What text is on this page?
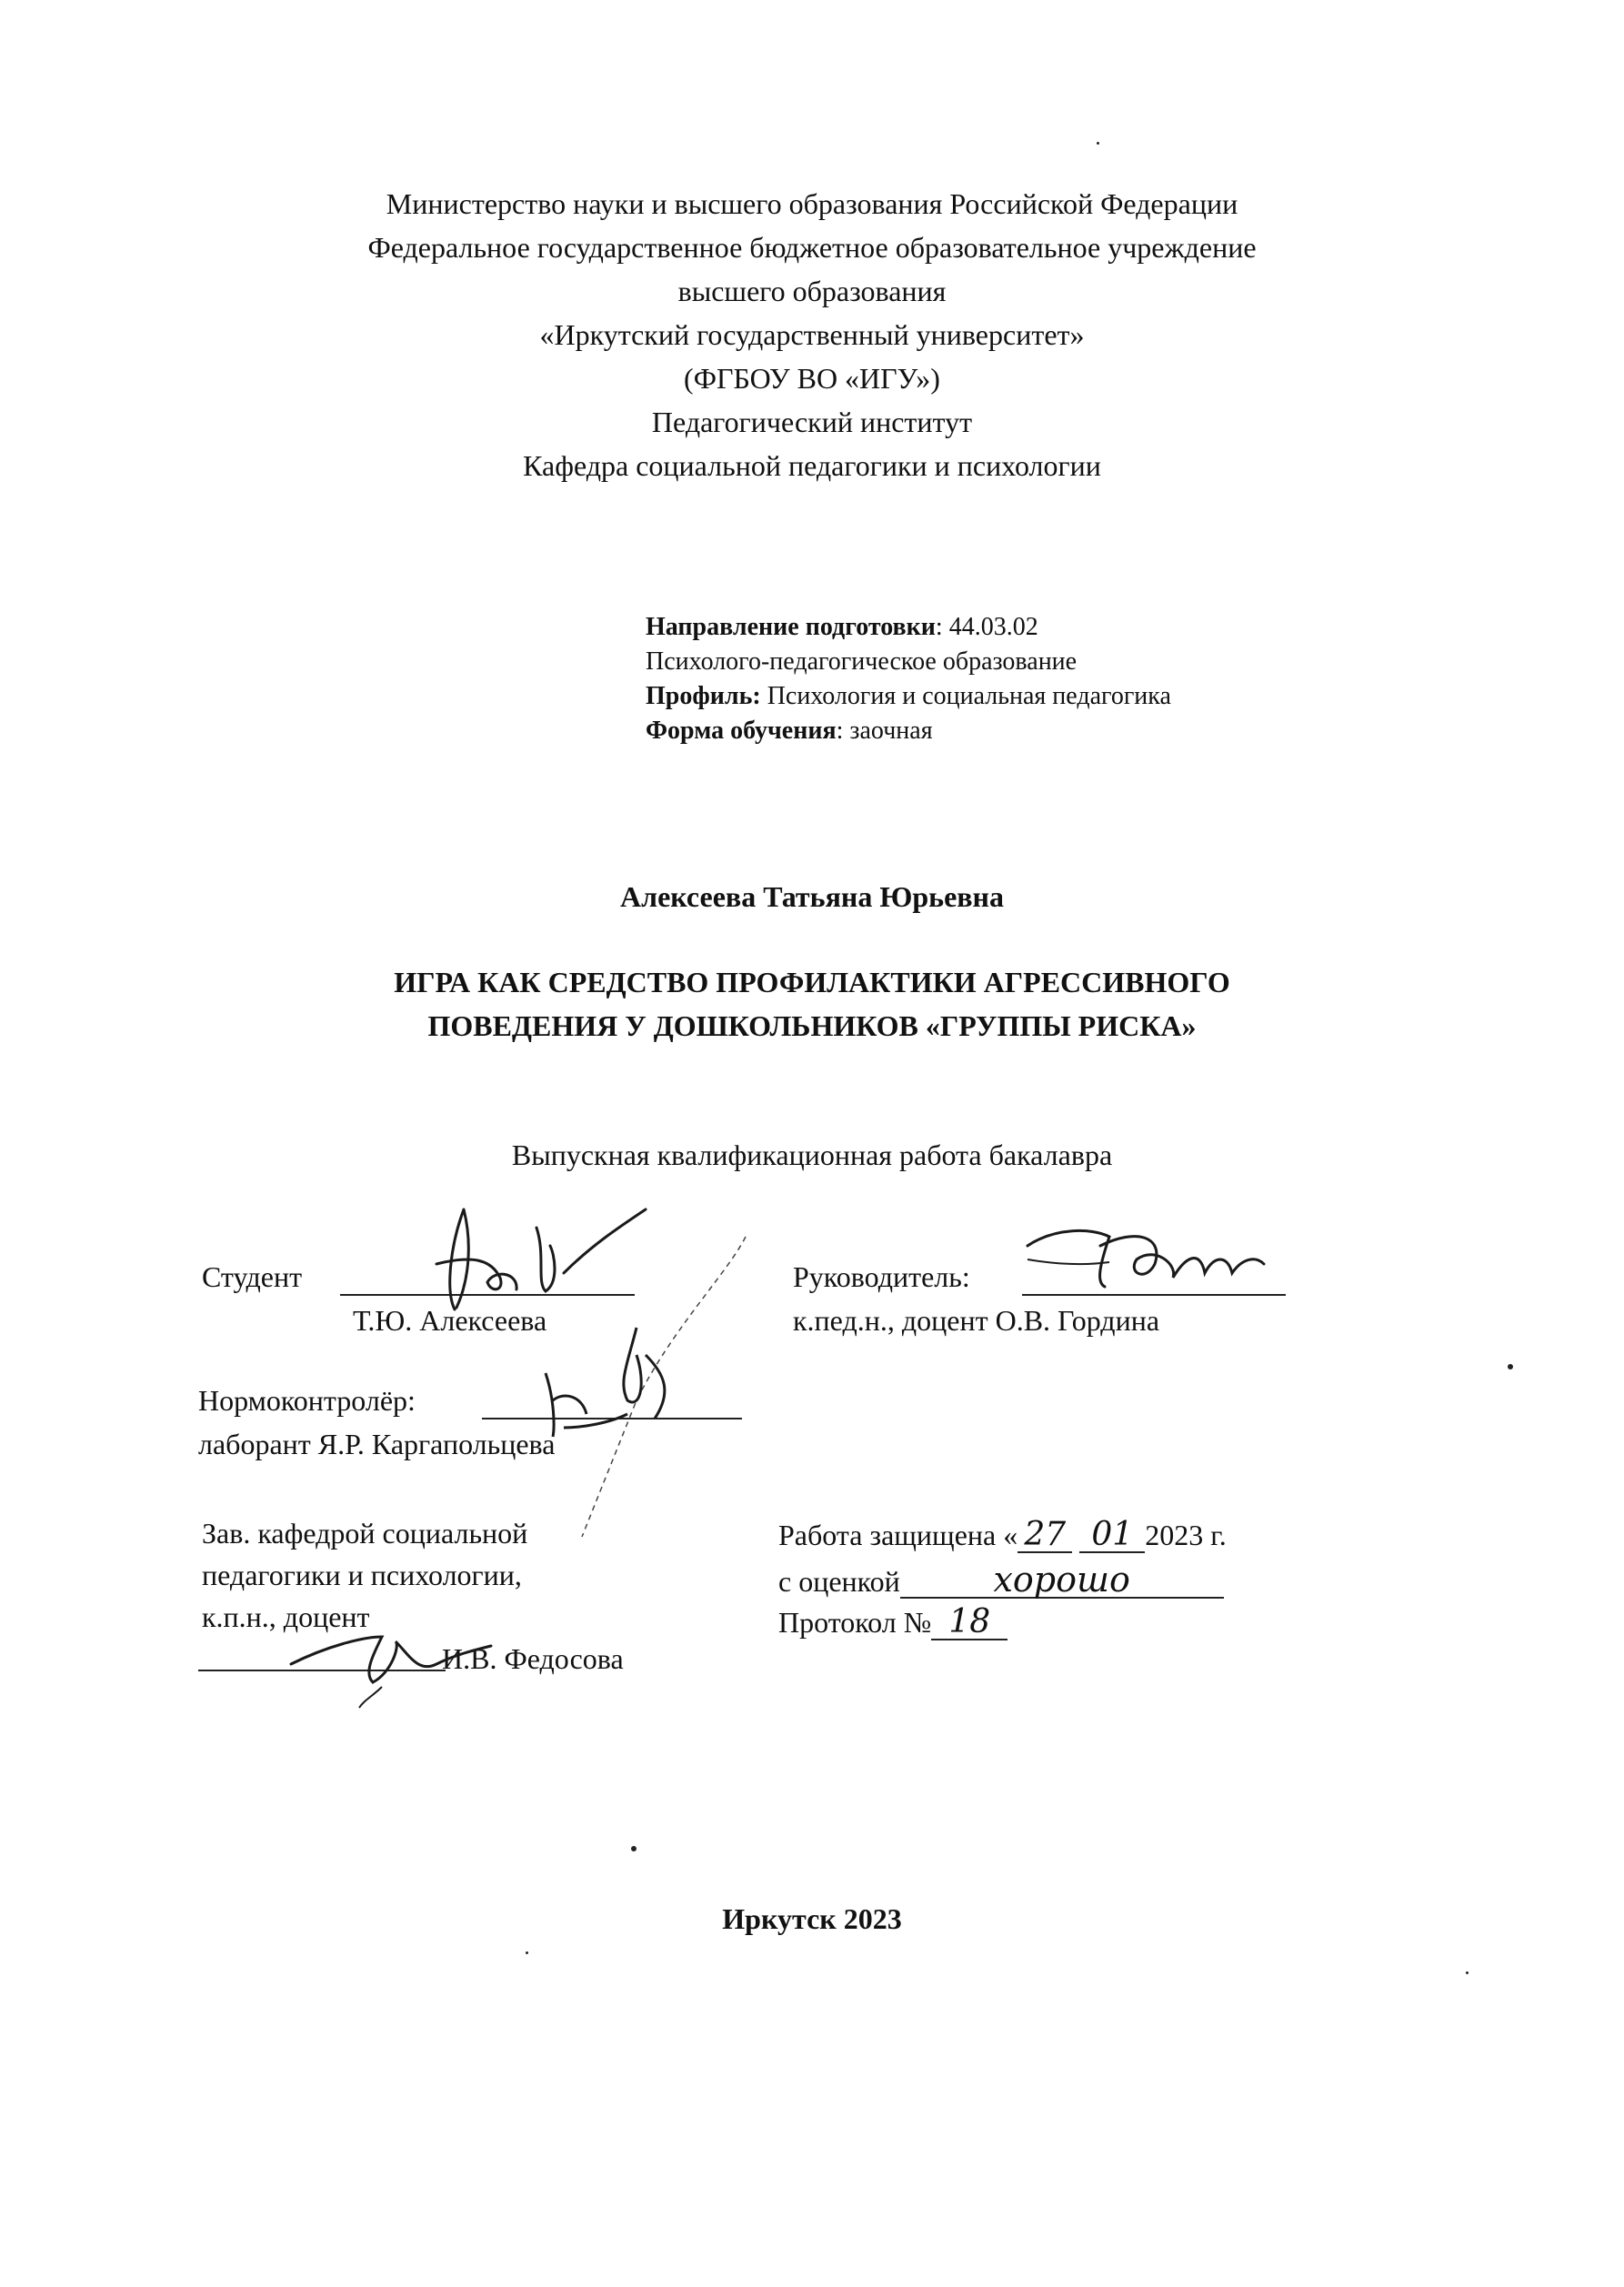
Министерство науки и высшего образования Российской Федерации
Федеральное государственное бюджетное образовательное учреждение
высшего образования
«Иркутский государственный университет»
(ФГБОУ ВО «ИГУ»)
Педагогический институт
Кафедра социальной педагогики и психологии
Направление подготовки: 44.03.02
Психолого-педагогическое образование
Профиль: Психология и социальная педагогика
Форма обучения: заочная
Алексеева Татьяна Юрьевна
ИГРА КАК СРЕДСТВО ПРОФИЛАКТИКИ АГРЕССИВНОГО
ПОВЕДЕНИЯ У ДОШКОЛЬНИКОВ «ГРУППЫ РИСКА»
Выпускная квалификационная работа бакалавра
Студент
Т.Ю. Алексеева
Руководитель:
к.пед.н., доцент О.В. Гордина
Нормоконтролёр:
лаборант Я.Р. Каргапольцева
Зав. кафедрой социальной
педагогики и психологии,
к.п.н., доцент
И.В. Федосова
Работа защищена « 27 01 2023 г.
с оценкой	хорошо
Протокол № 18
Иркутск 2023
